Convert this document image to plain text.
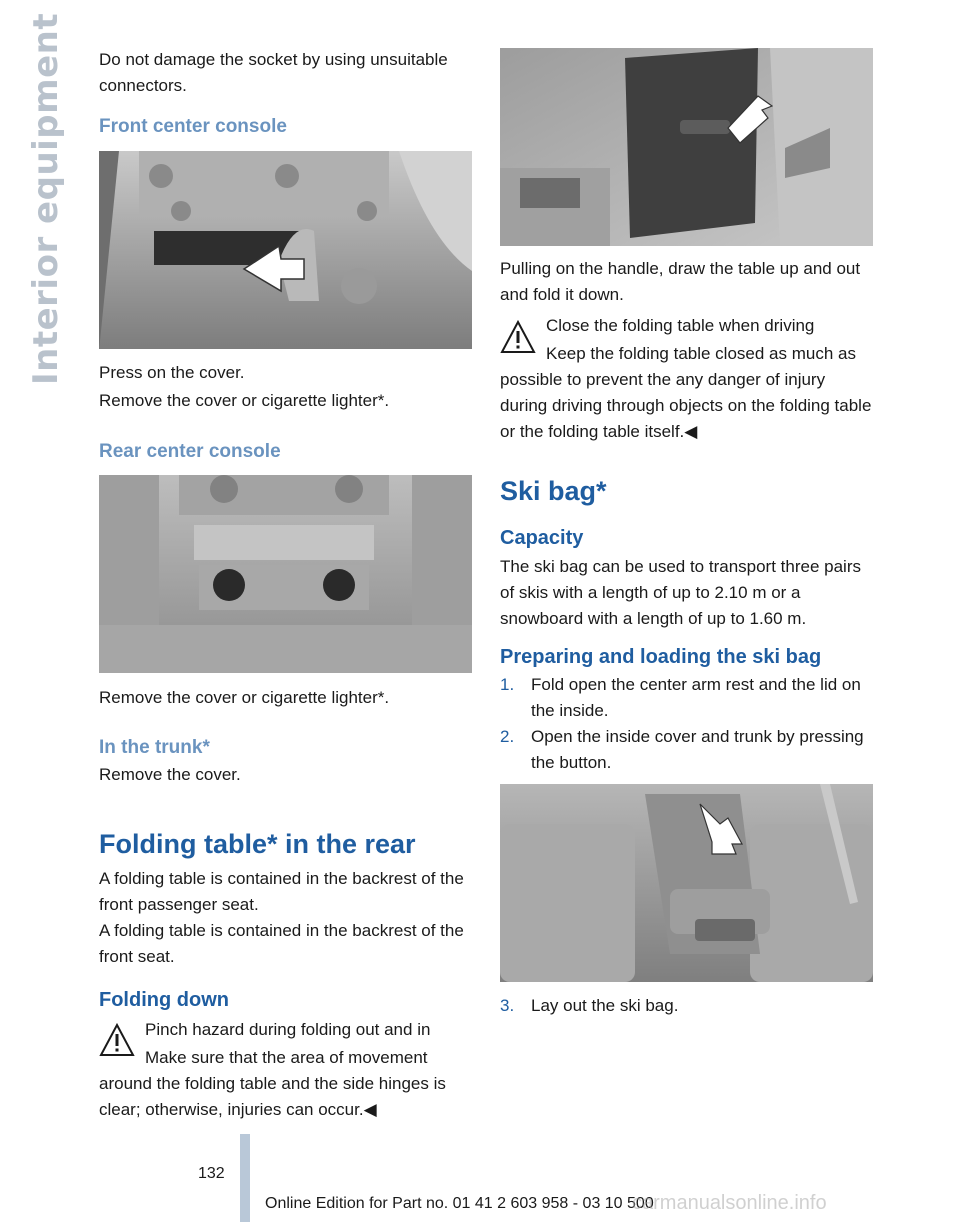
Interior equipment Do not damage the socket by using unsuitable connectors.

Front center console

Press on the cover.

Remove the cover or cigarette lighter*.

Rear center console

Remove the cover or cigarette lighter*.

In the trunk*

Remove the cover.

Folding table* in the rear

A folding table is contained in the backrest of the front passenger seat.

A folding table is contained in the backrest of the front seat.

Folding down

Pinch hazard during folding out and in

Make sure that the area of movement around the folding table and the side hinges is clear; otherwise, injuries can occur.◀

Pulling on the handle, draw the table up and out and fold it down.

Close the folding table when driving

Keep the folding table closed as much as possible to prevent the any danger of injury during driving through objects on the folding table or the folding table itself.◀

Ski bag*
Capacity

The ski bag can be used to transport three pairs of skis with a length of up to 2.10 m or a snowboard with a length of up to 1.60 m.

Preparing and loading the ski bag
1. Fold open the center arm rest and the lid on the inside.

2. Open the inside cover and trunk by pressing the button.

3. Lay out the ski bag.

132
Online Edition for Part no. 01 41 2 603 958 - 03 10 500
carmanualsonline.info
